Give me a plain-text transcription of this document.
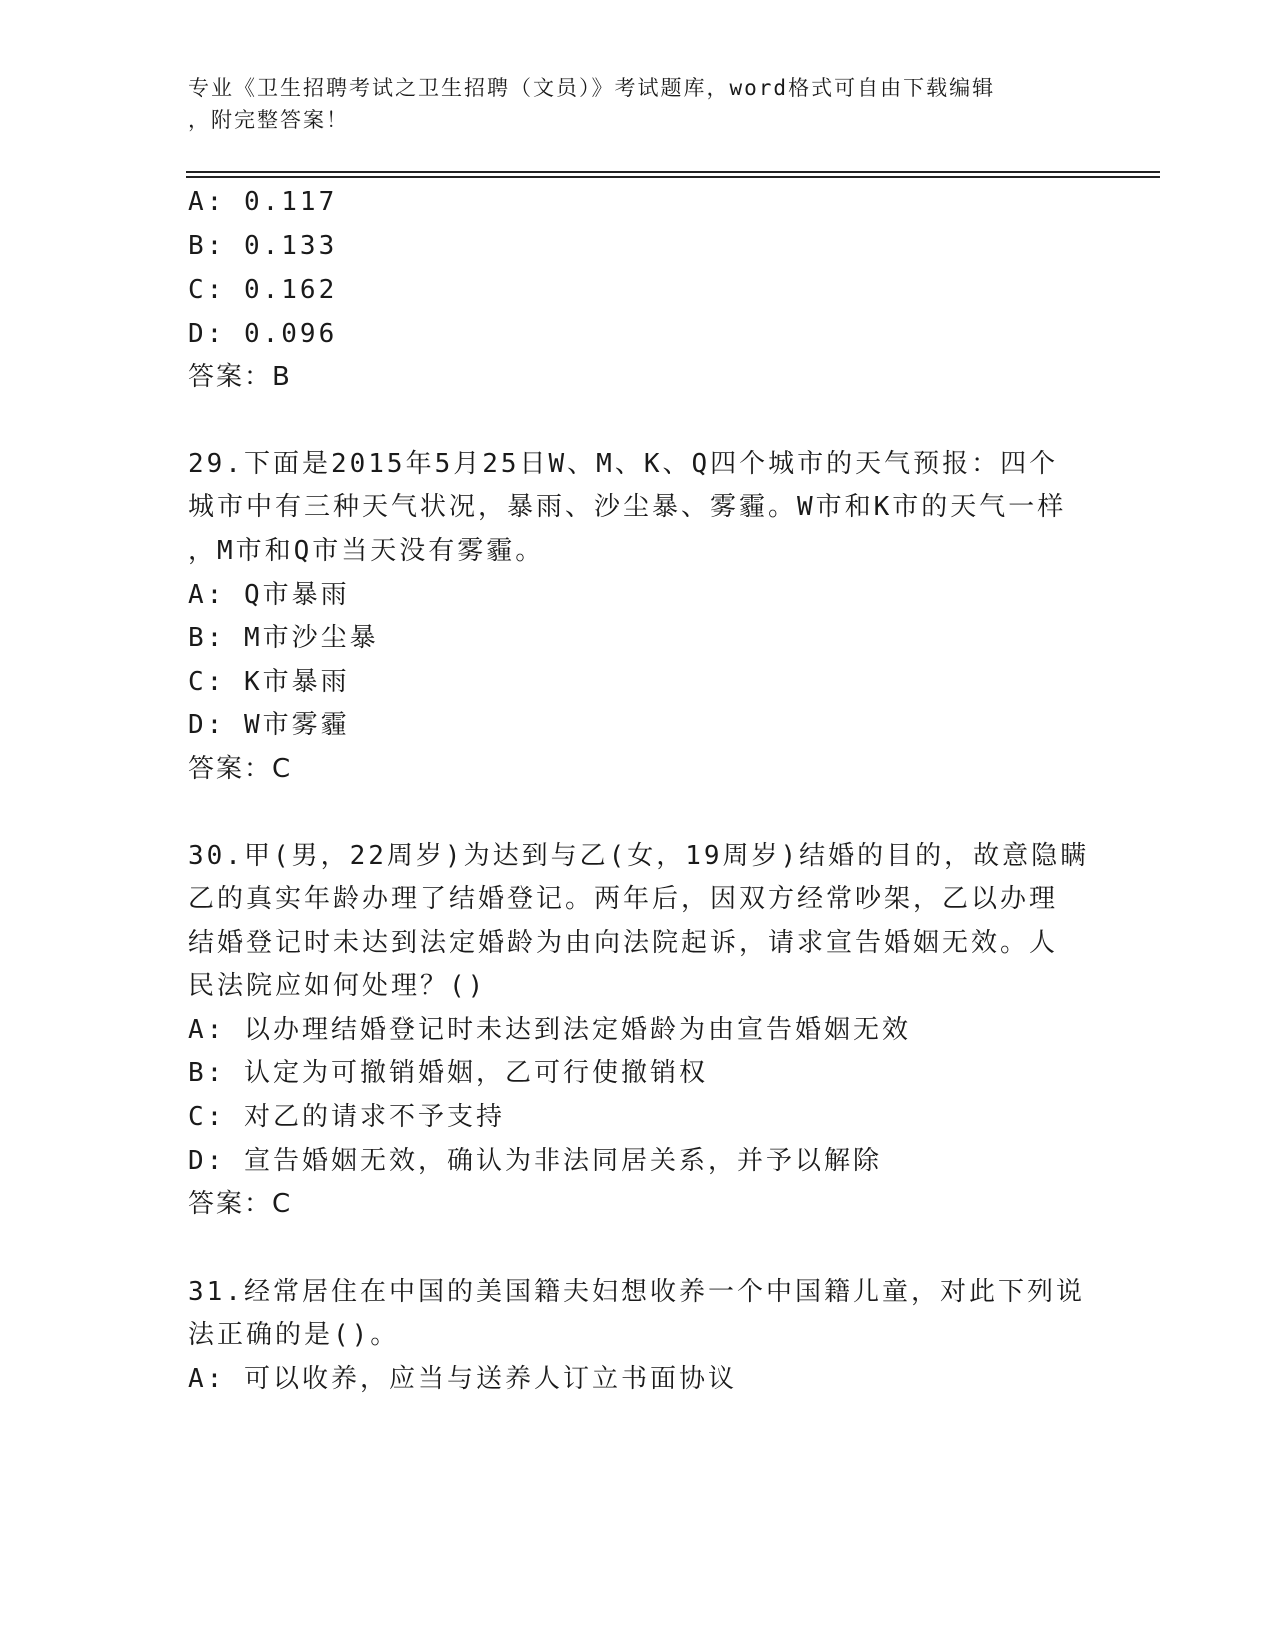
专业《卫生招聘考试之卫生招聘（文员）》考试题库，word格式可自由下载编辑
，附完整答案！
A: 0.117
B: 0.133
C: 0.162
D: 0.096
答案：B
29.下面是2015年5月25日W、M、K、Q四个城市的天气预报：四个
城市中有三种天气状况，暴雨、沙尘暴、雾霾。W市和K市的天气一样
，M市和Q市当天没有雾霾。
A: Q市暴雨
B: M市沙尘暴
C: K市暴雨
D: W市雾霾
答案：C
30.甲(男，22周岁)为达到与乙(女，19周岁)结婚的目的，故意隐瞒
乙的真实年龄办理了结婚登记。两年后，因双方经常吵架，乙以办理
结婚登记时未达到法定婚龄为由向法院起诉，请求宣告婚姻无效。人
民法院应如何处理？()
A: 以办理结婚登记时未达到法定婚龄为由宣告婚姻无效
B: 认定为可撤销婚姻，乙可行使撤销权
C: 对乙的请求不予支持
D: 宣告婚姻无效，确认为非法同居关系，并予以解除
答案：C
31.经常居住在中国的美国籍夫妇想收养一个中国籍儿童，对此下列说
法正确的是()。
A: 可以收养，应当与送养人订立书面协议
